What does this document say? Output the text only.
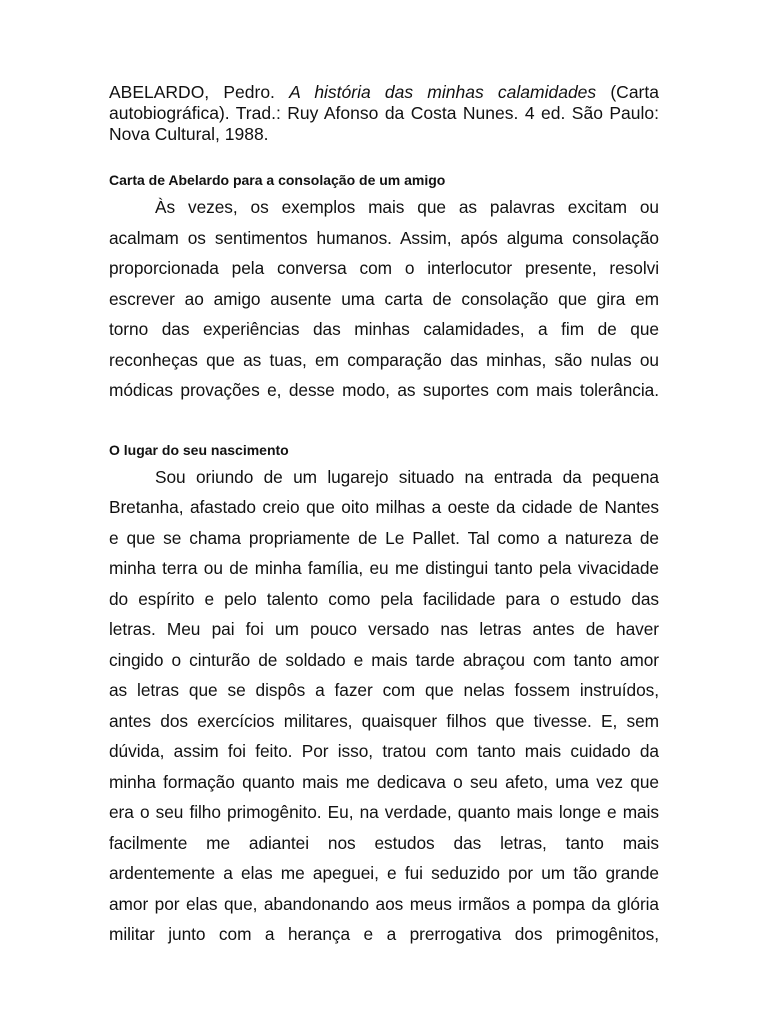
ABELARDO, Pedro. A história das minhas calamidades (Carta
autobiográfica). Trad.: Ruy Afonso da Costa Nunes. 4 ed. São Paulo:
Nova Cultural, 1988.

Carta de Abelardo para a consolação de um amigo
Às vezes, os exemplos mais que as palavras excitam ou
acalmam os sentimentos humanos. Assim, após alguma consolação
proporcionada pela conversa com o interlocutor presente, resolvi
escrever ao amigo ausente uma carta de consolação que gira em
torno das experiências das minhas calamidades, a fim de que
reconheças que as tuas, em comparação das minhas, são nulas ou
módicas provações e, desse modo, as suportes com mais tolerância.
O lugar do seu nascimento
Sou oriundo de um lugarejo situado na entrada da pequena
Bretanha, afastado creio que oito milhas a oeste da cidade de Nantes
e que se chama propriamente de Le Pallet. Tal como a natureza de
minha terra ou de minha família, eu me distingui tanto pela vivacidade
do espírito e pelo talento como pela facilidade para o estudo das
letras. Meu pai foi um pouco versado nas letras antes de haver
cingido o cinturão de soldado e mais tarde abraçou com tanto amor
as letras que se dispôs a fazer com que nelas fossem instruídos,
antes dos exercícios militares, quaisquer filhos que tivesse. E, sem
dúvida, assim foi feito. Por isso, tratou com tanto mais cuidado da
minha formação quanto mais me dedicava o seu afeto, uma vez que
era o seu filho primogênito. Eu, na verdade, quanto mais longe e mais
facilmente me adiantei nos estudos das letras, tanto mais
ardentemente a elas me apeguei, e fui seduzido por um tão grande
amor por elas que, abandonando aos meus irmãos a pompa da glória
militar junto com a herança e a prerrogativa dos primogênitos,
